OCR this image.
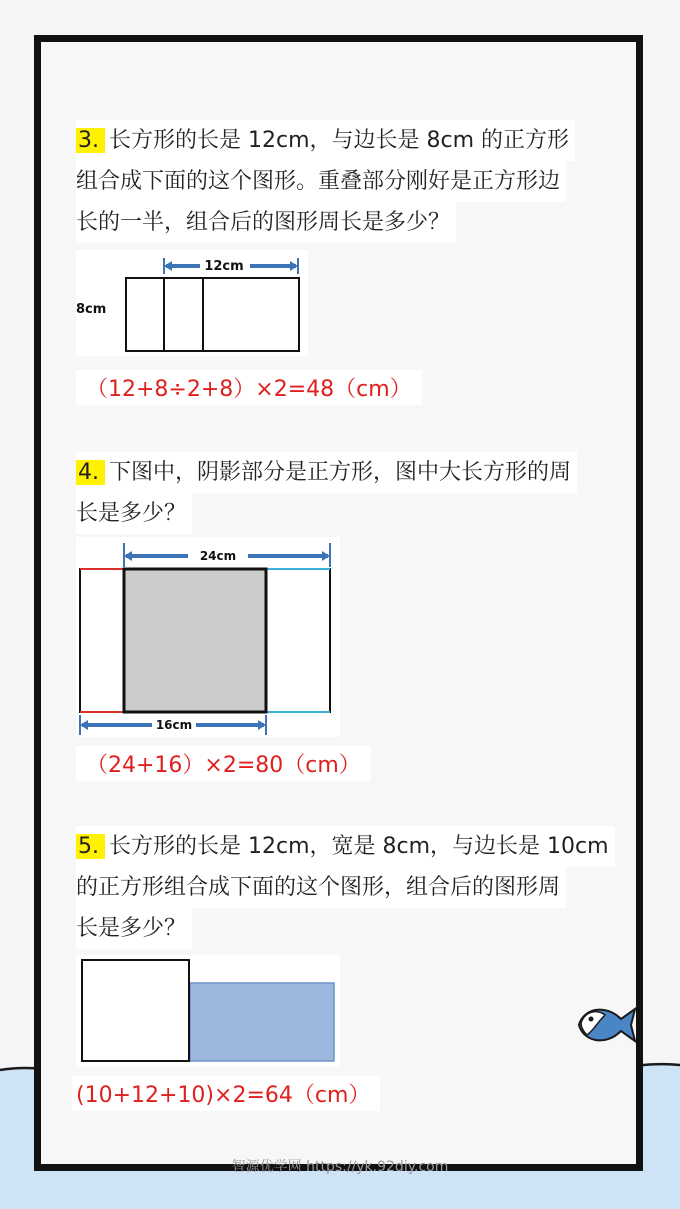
3. 长方形的长是 12cm，与边长是 8cm 的正方形
组合成下面的这个图形。重叠部分刚好是正方形边
长的一半，组合后的图形周长是多少？
12cm
8cm
（12+8÷2+8）×2=48（cm）
4. 下图中，阴影部分是正方形，图中大长方形的周
长是多少？
24cm
16cm
（24+16）×2=80（cm）
5. 长方形的长是 12cm，宽是 8cm，与边长是 10cm
的正方形组合成下面的这个图形，组合后的图形周
长是多少？
(10+12+10)×2=64（cm）
智源优学网 https://yk.92diy.com
